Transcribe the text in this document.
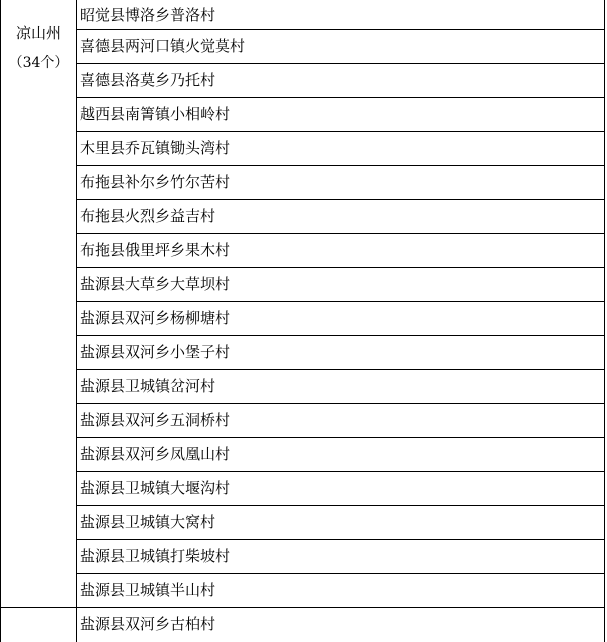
凉山州
（34个）
昭觉县博洛乡普洛村
喜德县两河口镇火觉莫村
喜德县洛莫乡乃托村
越西县南箐镇小相岭村
木里县乔瓦镇锄头湾村
布拖县补尔乡竹尔苦村
布拖县火烈乡益吉村
布拖县俄里坪乡果木村
盐源县大草乡大草坝村
盐源县双河乡杨柳塘村
盐源县双河乡小堡子村
盐源县卫城镇岔河村
盐源县双河乡五洞桥村
盐源县双河乡凤凰山村
盐源县卫城镇大堰沟村
盐源县卫城镇大窝村
盐源县卫城镇打柴坡村
盐源县卫城镇半山村
盐源县双河乡古柏村
